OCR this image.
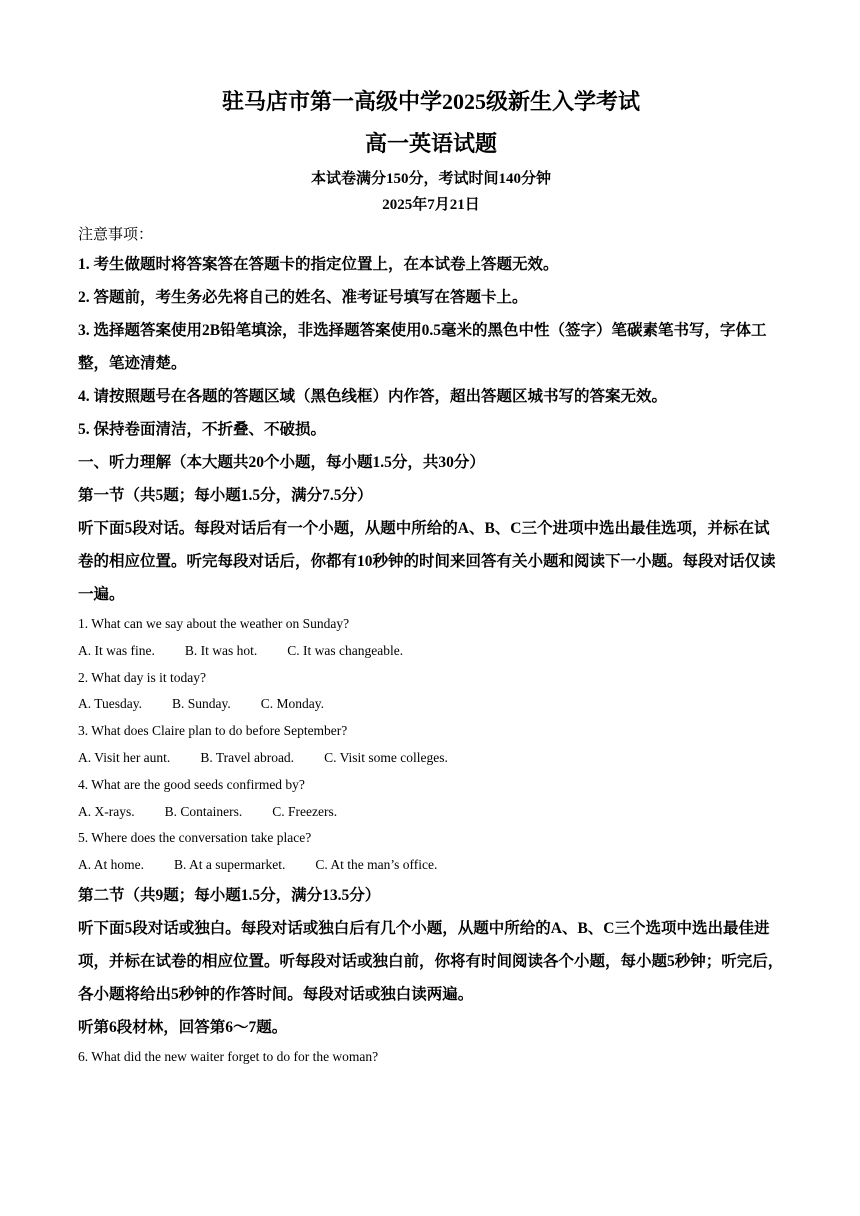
驻马店市第一高级中学2025级新生入学考试

高一英语试题

本试卷满分150分，考试时间140分钟

2025年7月21日

注意事项：

1. 考生做题时将答案答在答题卡的指定位置上，在本试卷上答题无效。

2. 答题前，考生务必先将自己的姓名、准考证号填写在答题卡上。

3. 选择题答案使用2B铅笔填涂，非选择题答案使用0.5毫米的黑色中性（签字）笔碳素笔书写，字体工整，笔迹清楚。

4. 请按照题号在各题的答题区域（黑色线框）内作答，超出答题区城书写的答案无效。

5. 保持卷面清洁，不折叠、不破损。

一、听力理解（本大题共20个小题，每小题1.5分，共30分）

第一节（共5题；每小题1.5分，满分7.5分）

听下面5段对话。每段对话后有一个小题，从题中所给的A、B、C三个进项中选出最佳选项，并标在试卷的相应位置。听完每段对话后，你都有10秒钟的时间来回答有关小题和阅读下一小题。每段对话仅读一遍。

1. What can we say about the weather on Sunday?

A. It was fine. B. It was hot. C. It was changeable.

2. What day is it today?

A. Tuesday. B. Sunday. C. Monday.

3. What does Claire plan to do before September?

A. Visit her aunt. B. Travel abroad. C. Visit some colleges.

4. What are the good seeds confirmed by?

A. X-rays. B. Containers. C. Freezers.

5. Where does the conversation take place?

A. At home. B. At a supermarket. C. At the man’s office.

第二节（共9题；每小题1.5分，满分13.5分）

听下面5段对话或独白。每段对话或独白后有几个小题，从题中所给的A、B、C三个选项中选出最佳进项，并标在试卷的相应位置。听每段对话或独白前，你将有时间阅读各个小题，每小题5秒钟；听完后，各小题将给出5秒钟的作答时间。每段对话或独白读两遍。

听第6段材林，回答第6～7题。

6. What did the new waiter forget to do for the woman?
